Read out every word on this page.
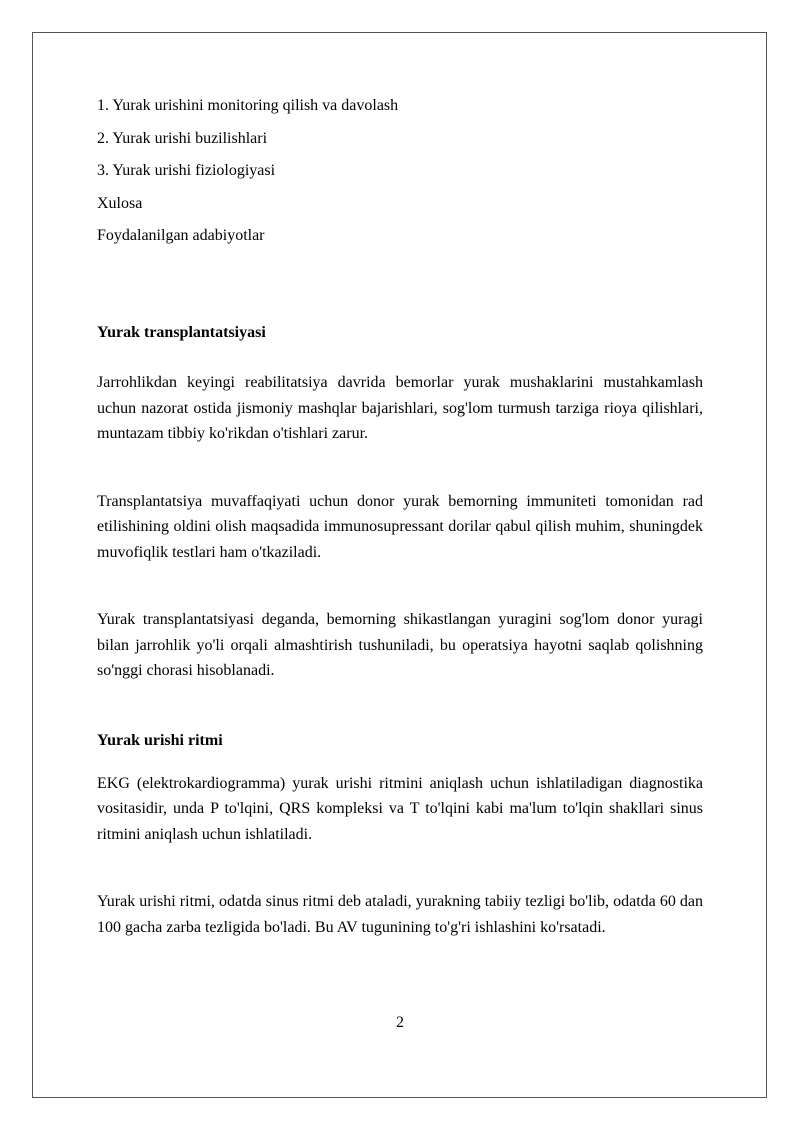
1. Yurak urishini monitoring qilish va davolash

2. Yurak urishi buzilishlari

3. Yurak urishi fiziologiyasi

Xulosa

Foydalanilgan adabiyotlar

Yurak transplantatsiyasi

Jarrohlikdan keyingi reabilitatsiya davrida bemorlar yurak mushaklarini mustahkamlash uchun nazorat ostida jismoniy mashqlar bajarishlari, sog'lom turmush tarziga rioya qilishlari, muntazam tibbiy ko'rikdan o'tishlari zarur.

Transplantatsiya muvaffaqiyati uchun donor yurak bemorning immuniteti tomonidan rad etilishining oldini olish maqsadida immunosupressant dorilar qabul qilish muhim, shuningdek muvofiqlik testlari ham o'tkaziladi.

Yurak transplantatsiyasi deganda, bemorning shikastlangan yuragini sog'lom donor yuragi bilan jarrohlik yo'li orqali almashtirish tushuniladi, bu operatsiya hayotni saqlab qolishning so'nggi chorasi hisoblanadi.

Yurak urishi ritmi

EKG (elektrokardiogramma) yurak urishi ritmini aniqlash uchun ishlatiladigan diagnostika vositasidir, unda P to'lqini, QRS kompleksi va T to'lqini kabi ma'lum to'lqin shakllari sinus ritmini aniqlash uchun ishlatiladi.

Yurak urishi ritmi, odatda sinus ritmi deb ataladi, yurakning tabiiy tezligi bo'lib, odatda 60 dan 100 gacha zarba tezligida bo'ladi. Bu AV tugunining to'g'ri ishlashini ko'rsatadi.

2
